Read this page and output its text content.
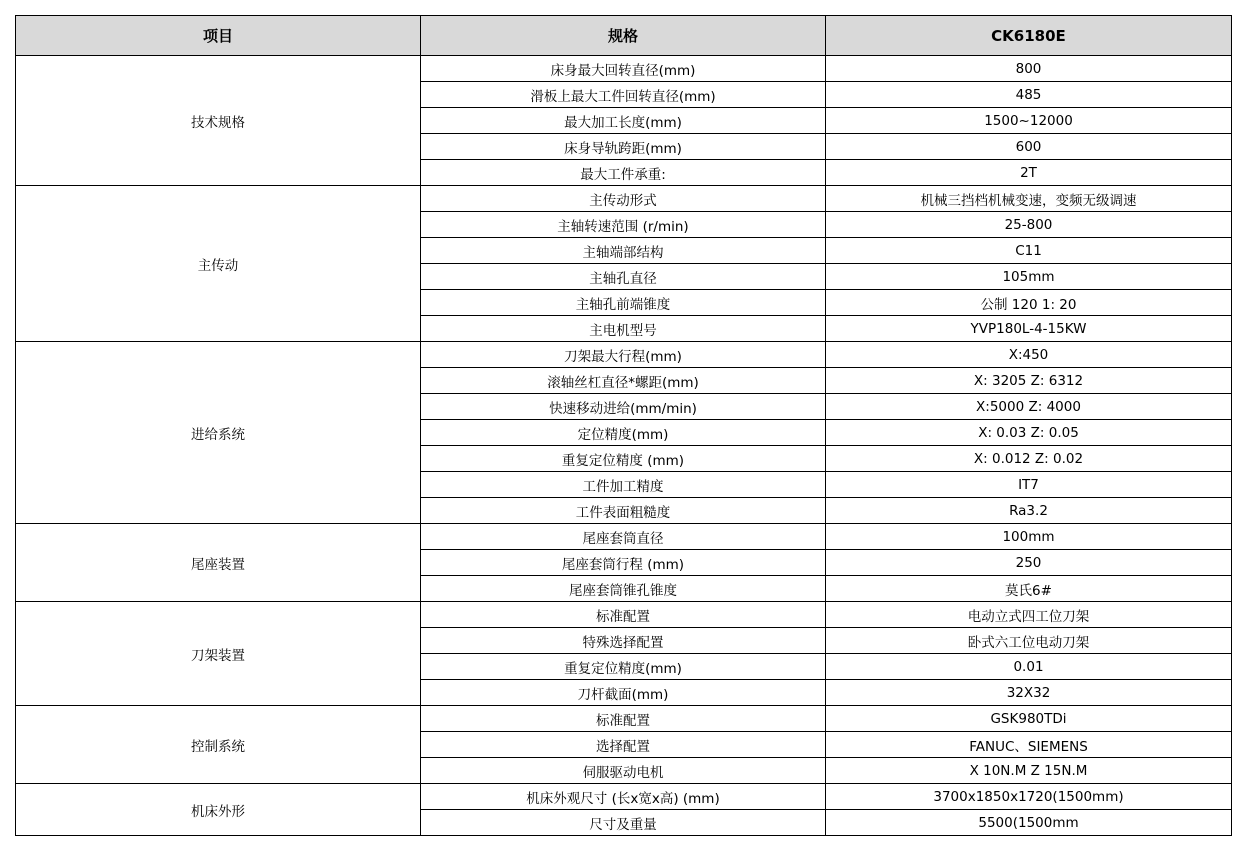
项目	规格	CK6180E
技术规格	床身最大回转直径(mm)	800
	滑板上最大工件回转直径(mm)	485
	最大加工长度(mm)	1500~12000
	床身导轨跨距(mm)	600
	最大工件承重:	2T
主传动	主传动形式	机械三挡档机械变速，变频无级调速
	主轴转速范围 (r/min)	25-800
	主轴端部结构	C11
	主轴孔直径	105mm
	主轴孔前端锥度	公制 120 1: 20
	主电机型号	YVP180L-4-15KW
进给系统	刀架最大行程(mm)	X:450
	滚轴丝杠直径*螺距(mm)	X: 3205 Z: 6312
	快速移动进给(mm/min)	X:5000 Z: 4000
	定位精度(mm)	X: 0.03 Z: 0.05
	重复定位精度 (mm)	X: 0.012 Z: 0.02
	工件加工精度	IT7
	工件表面粗糙度	Ra3.2
尾座装置	尾座套筒直径	100mm
	尾座套筒行程 (mm)	250
	尾座套筒锥孔锥度	莫氏6#
刀架装置	标准配置	电动立式四工位刀架
	特殊选择配置	卧式六工位电动刀架
	重复定位精度(mm)	0.01
	刀杆截面(mm)	32X32
控制系统	标准配置	GSK980TDi
	选择配置	FANUC、SIEMENS
	伺服驱动电机	X 10N.M Z 15N.M
机床外形	机床外观尺寸 (长x宽x高) (mm)	3700x1850x1720(1500mm)
	尺寸及重量	5500(1500mm
